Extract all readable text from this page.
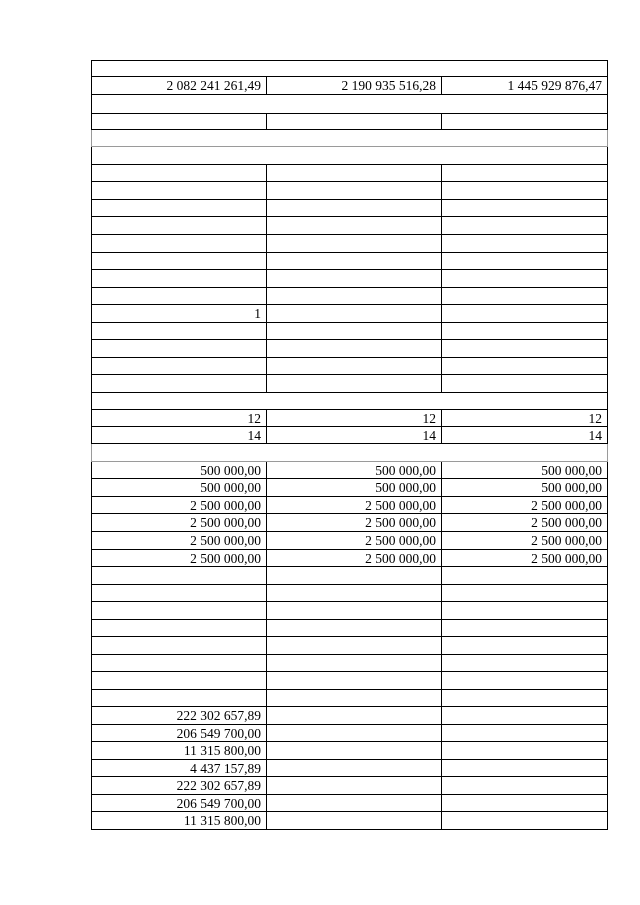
2 082 241 261,49	2 190 935 516,28	1 445 929 876,47
1
12	12	12
14	14	14
500 000,00	500 000,00	500 000,00
500 000,00	500 000,00	500 000,00
2 500 000,00	2 500 000,00	2 500 000,00
2 500 000,00	2 500 000,00	2 500 000,00
2 500 000,00	2 500 000,00	2 500 000,00
2 500 000,00	2 500 000,00	2 500 000,00
222 302 657,89
206 549 700,00
11 315 800,00
4 437 157,89
222 302 657,89
206 549 700,00
11 315 800,00
